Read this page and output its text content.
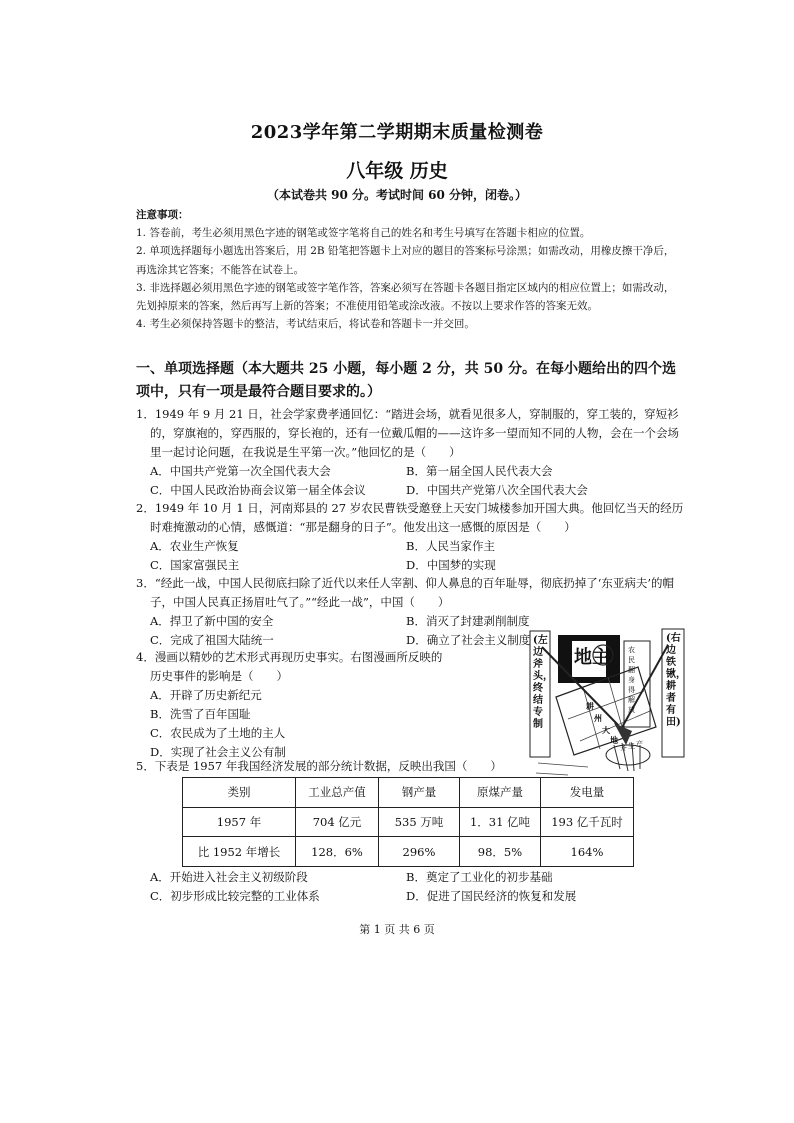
2023学年第二学期期末质量检测卷
八年级 历史
（本试卷共 90 分。考试时间 60 分钟，闭卷。）

注意事项：

1. 答卷前，考生必须用黑色字迹的钢笔或签字笔将自己的姓名和考生号填写在答题卡相应的位置。

2. 单项选择题每小题选出答案后，用 2B 铅笔把答题卡上对应的题目的答案标号涂黑；如需改动，用橡皮擦干净后，再选涂其它答案；不能答在试卷上。

3. 非选择题必须用黑色字迹的钢笔或签字笔作答，答案必须写在答题卡各题目指定区域内的相应位置上；如需改动，先划掉原来的答案，然后再写上新的答案；不准使用铅笔或涂改液。不按以上要求作答的答案无效。

4. 考生必须保持答题卡的整洁，考试结束后，将试卷和答题卡一并交回。

一、单项选择题（本大题共 25 小题，每小题 2 分，共 50 分。在每小题给出的四个选项中，只有一项是最符合题目要求的。）

1．1949 年 9 月 21 日，社会学家费孝通回忆：“踏进会场，就看见很多人，穿制服的，穿工装的，穿短衫的，穿旗袍的，穿西服的，穿长袍的，还有一位戴瓜帽的——这许多一望而知不同的人物，会在一个会场里一起讨论问题，在我说是生平第一次。”他回忆的是（　　）

A．中国共产党第一次全国代表大会	B．第一届全国人民代表大会
C．中国人民政治协商会议第一届全体会议	D．中国共产党第八次全国代表大会

2．1949 年 10 月 1 日，河南郑县的 27 岁农民曹铁受邀登上天安门城楼参加开国大典。他回忆当天的经历时难掩激动的心情，感慨道：“那是翻身的日子”。他发出这一感慨的原因是（　　）

A．农业生产恢复	B．人民当家作主
C．国家富强民主	D．中国梦的实现

3．“经此一战，中国人民彻底扫除了近代以来任人宰割、仰人鼻息的百年耻辱，彻底扔掉了‘东亚病夫’的帽子，中国人民真正扬眉吐气了。”“经此一战”，中国（　　）

A．捍卫了新中国的安全	B．消灭了封建剥削制度
C．完成了祖国大陆统一	D．确立了社会主义制度

4．漫画以精妙的艺术形式再现历史事实。右图漫画所反映的历史事件的影响是（　　）

A．开辟了历史新纪元

B．洗雪了百年国耻

C．农民成为了土地的主人

D．实现了社会主义公有制

地主
(左边斧头，终结专制
(右边铁锹，耕者有田)
农民翻身得解放
耕
州
大
地
齐 生 产

5．下表是 1957 年我国经济发展的部分统计数据，反映出我国（　　）

类别	工业总产值	钢产量	原煤产量	发电量
1957 年	704 亿元	535 万吨	1．31 亿吨	193 亿千瓦时
比 1952 年增长	128．6%	296%	98．5%	164%
A．开始进入社会主义初级阶段	B．奠定了工业化的初步基础
C．初步形成比较完整的工业体系	D．促进了国民经济的恢复和发展
第 1 页 共 6 页
